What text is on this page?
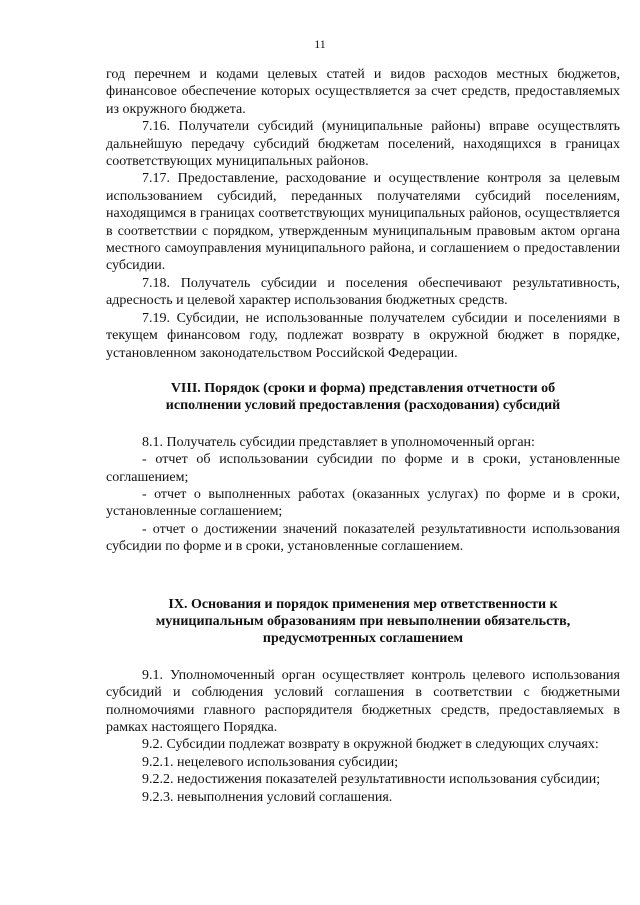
11

год перечнем и кодами целевых статей и видов расходов местных бюджетов, финансовое обеспечение которых осуществляется за счет средств, предоставляемых из окружного бюджета.

7.16. Получатели субсидий (муниципальные районы) вправе осуществлять дальнейшую передачу субсидий бюджетам поселений, находящихся в границах соответствующих муниципальных районов.

7.17. Предоставление, расходование и осуществление контроля за целевым использованием субсидий, переданных получателями субсидий поселениям, находящимся в границах соответствующих муниципальных районов, осуществляется в соответствии с порядком, утвержденным муниципальным правовым актом органа местного самоуправления муниципального района, и соглашением о предоставлении субсидии.

7.18. Получатель субсидии и поселения обеспечивают результативность, адресность и целевой характер использования бюджетных средств.

7.19. Субсидии, не использованные получателем субсидии и поселениями в текущем финансовом году, подлежат возврату в окружной бюджет в порядке, установленном законодательством Российской Федерации.

VIII. Порядок (сроки и форма) представления отчетности об

исполнении условий предоставления (расходования) субсидий

8.1. Получатель субсидии представляет в уполномоченный орган:

- отчет об использовании субсидии по форме и в сроки, установленные соглашением;

- отчет о выполненных работах (оказанных услугах) по форме и в сроки, установленные соглашением;

- отчет о достижении значений показателей результативности использования субсидии по форме и в сроки, установленные соглашением.

IX. Основания и порядок применения мер ответственности к

муниципальным образованиям при невыполнении обязательств,

предусмотренных соглашением

9.1. Уполномоченный орган осуществляет контроль целевого использования субсидий и соблюдения условий соглашения в соответствии с бюджетными полномочиями главного распорядителя бюджетных средств, предоставляемых в рамках настоящего Порядка.

9.2. Субсидии подлежат возврату в окружной бюджет в следующих случаях:

9.2.1. нецелевого использования субсидии;

9.2.2. недостижения показателей результативности использования субсидии;

9.2.3. невыполнения условий соглашения.
